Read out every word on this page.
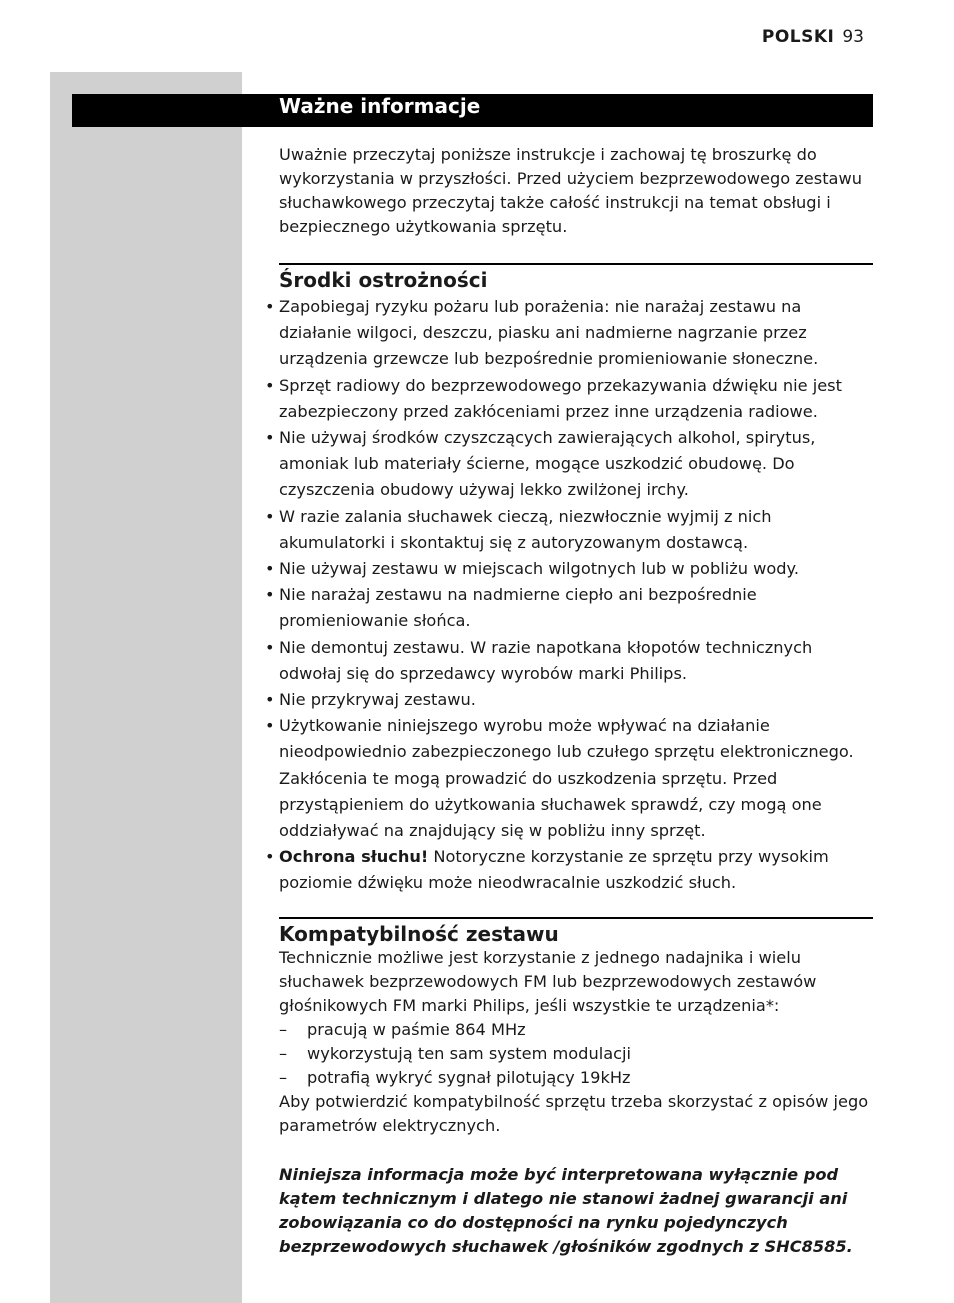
POLSKI 93
Ważne informacje

Uważnie przeczytaj poniższe instrukcje i zachowaj tę broszurkę do wykorzystania w przyszłości. Przed użyciem bezprzewodowego zestawu słuchawkowego przeczytaj także całość instrukcji na temat obsługi i bezpiecznego użytkowania sprzętu.

Środki ostrożności
• Zapobiegaj ryzyku pożaru lub porażenia: nie narażaj zestawu na działanie wilgoci, deszczu, piasku ani nadmierne nagrzanie przez urządzenia grzewcze lub bezpośrednie promieniowanie słoneczne.
• Sprzęt radiowy do bezprzewodowego przekazywania dźwięku nie jest zabezpieczony przed zakłóceniami przez inne urządzenia radiowe.
• Nie używaj środków czyszczących zawierających alkohol, spirytus, amoniak lub materiały ścierne, mogące uszkodzić obudowę. Do czyszczenia obudowy używaj lekko zwilżonej irchy.
• W razie zalania słuchawek cieczą, niezwłocznie wyjmij z nich akumulatorki i skontaktuj się z autoryzowanym dostawcą.
• Nie używaj zestawu w miejscach wilgotnych lub w pobliżu wody.
• Nie narażaj zestawu na nadmierne ciepło ani bezpośrednie promieniowanie słońca.
• Nie demontuj zestawu. W razie napotkana kłopotów technicznych odwołaj się do sprzedawcy wyrobów marki Philips.
• Nie przykrywaj zestawu.
• Użytkowanie niniejszego wyrobu może wpływać na działanie nieodpowiednio zabezpieczonego lub czułego sprzętu elektronicznego. Zakłócenia te mogą prowadzić do uszkodzenia sprzętu. Przed przystąpieniem do użytkowania słuchawek sprawdź, czy mogą one oddziaływać na znajdujący się w pobliżu inny sprzęt.
• Ochrona słuchu! Notoryczne korzystanie ze sprzętu przy wysokim poziomie dźwięku może nieodwracalnie uszkodzić słuch.
Kompatybilność zestawu
Technicznie możliwe jest korzystanie z jednego nadajnika i wielu słuchawek bezprzewodowych FM lub bezprzewodowych zestawów głośnikowych FM marki Philips, jeśli wszystkie te urządzenia*:
– pracują w paśmie 864 MHz
– wykorzystują ten sam system modulacji
– potrafią wykryć sygnał pilotujący 19kHz
Aby potwierdzić kompatybilność sprzętu trzeba skorzystać z opisów jego parametrów elektrycznych.

Niniejsza informacja może być interpretowana wyłącznie pod kątem technicznym i dlatego nie stanowi żadnej gwarancji ani zobowiązania co do dostępności na rynku pojedynczych bezprzewodowych słuchawek /głośników zgodnych z SHC8585.
